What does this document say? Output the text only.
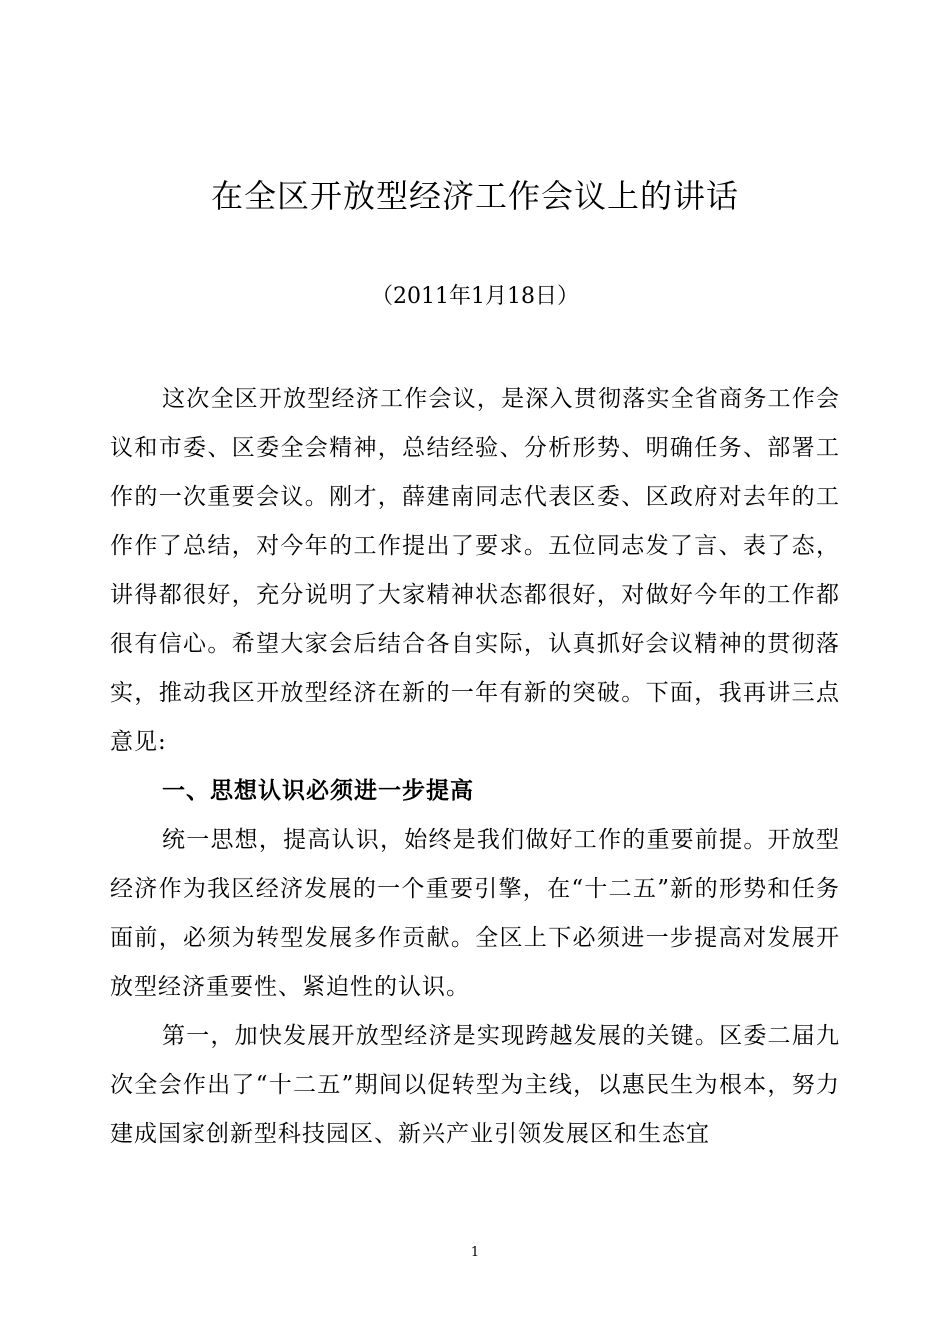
在全区开放型经济工作会议上的讲话
（2011年1月18日）

这次全区开放型经济工作会议，是深入贯彻落实全省商务工作会议和市委、区委全会精神，总结经验、分析形势、明确任务、部署工作的一次重要会议。刚才，薛建南同志代表区委、区政府对去年的工作作了总结，对今年的工作提出了要求。五位同志发了言、表了态，讲得都很好，充分说明了大家精神状态都很好，对做好今年的工作都很有信心。希望大家会后结合各自实际，认真抓好会议精神的贯彻落实，推动我区开放型经济在新的一年有新的突破。下面，我再讲三点意见:

一、思想认识必须进一步提高

统一思想，提高认识，始终是我们做好工作的重要前提。开放型经济作为我区经济发展的一个重要引擎，在“十二五”新的形势和任务面前，必须为转型发展多作贡献。全区上下必须进一步提高对发展开放型经济重要性、紧迫性的认识。

第一，加快发展开放型经济是实现跨越发展的关键。区委二届九次全会作出了“十二五”期间以促转型为主线，以惠民生为根本，努力建成国家创新型科技园区、新兴产业引领发展区和生态宜

1
